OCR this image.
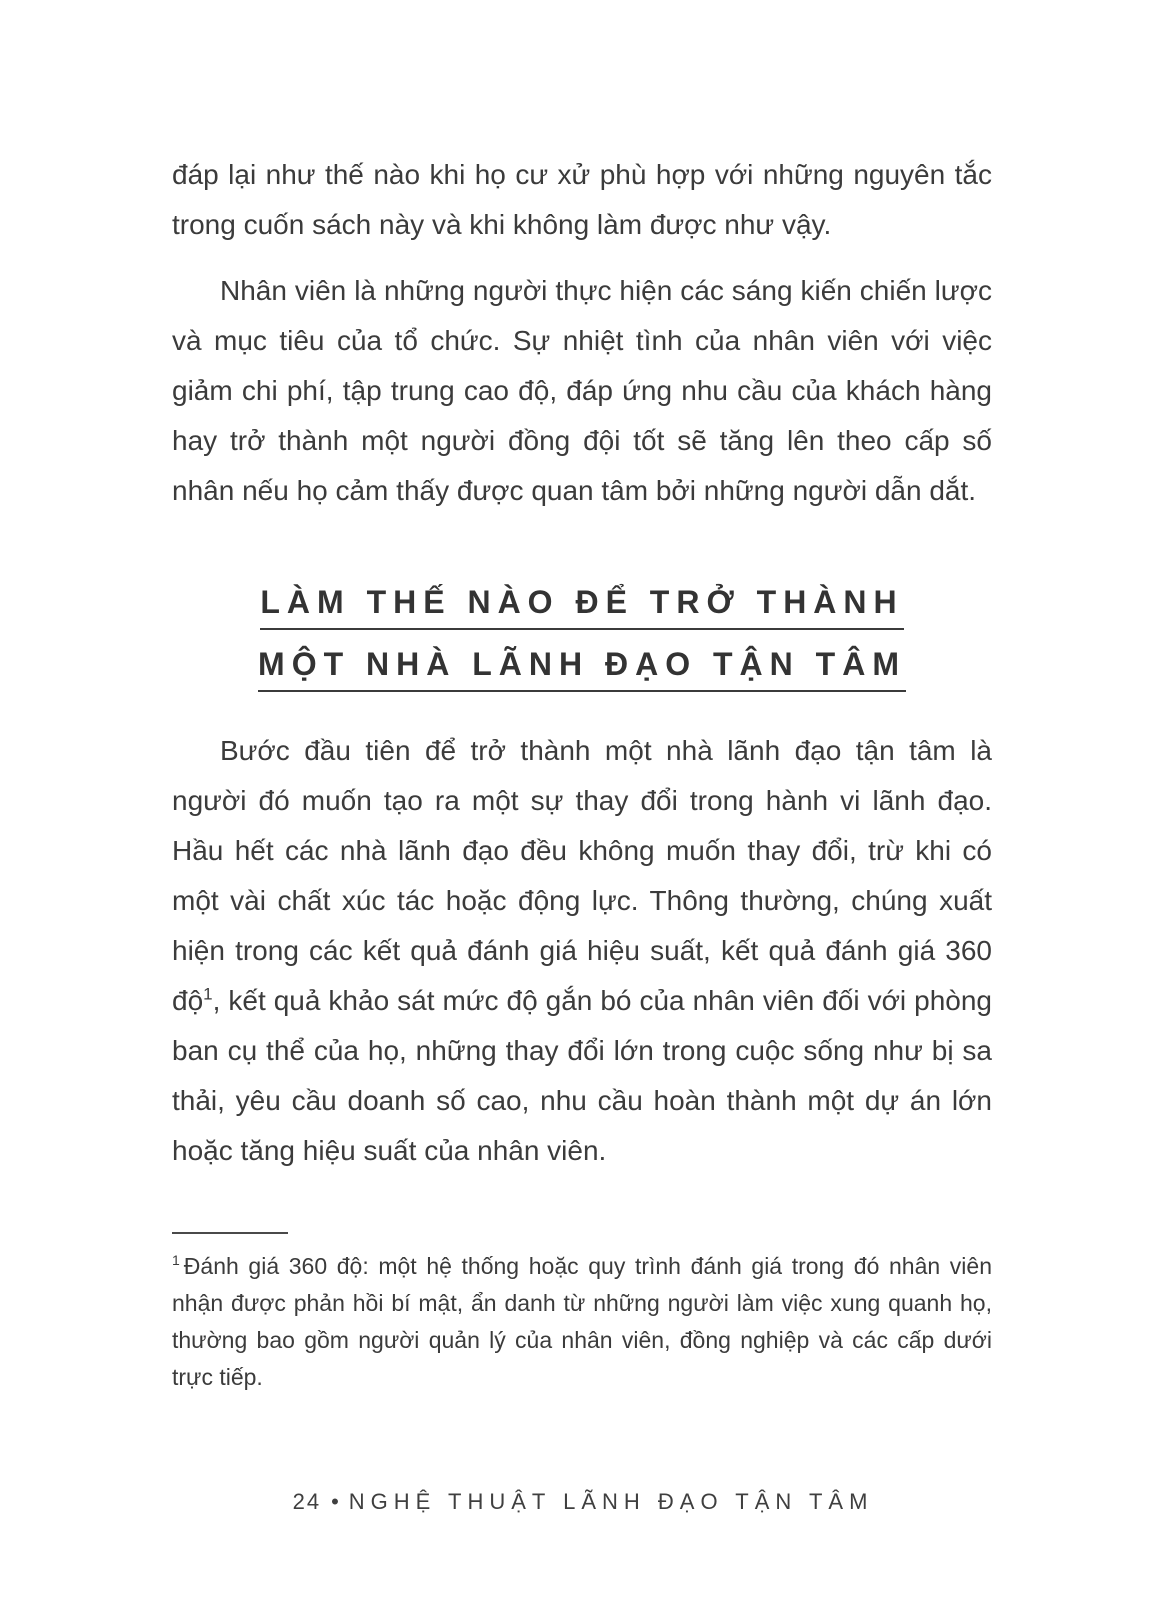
đáp lại như thế nào khi họ cư xử phù hợp với những nguyên tắc trong cuốn sách này và khi không làm được như vậy.

Nhân viên là những người thực hiện các sáng kiến chiến lược và mục tiêu của tổ chức. Sự nhiệt tình của nhân viên với việc giảm chi phí, tập trung cao độ, đáp ứng nhu cầu của khách hàng hay trở thành một người đồng đội tốt sẽ tăng lên theo cấp số nhân nếu họ cảm thấy được quan tâm bởi những người dẫn dắt.

LÀM THẾ NÀO ĐỂ TRỞ THÀNH
MỘT NHÀ LÃNH ĐẠO TẬN TÂM

Bước đầu tiên để trở thành một nhà lãnh đạo tận tâm là người đó muốn tạo ra một sự thay đổi trong hành vi lãnh đạo. Hầu hết các nhà lãnh đạo đều không muốn thay đổi, trừ khi có một vài chất xúc tác hoặc động lực. Thông thường, chúng xuất hiện trong các kết quả đánh giá hiệu suất, kết quả đánh giá 360 độ$^1$, kết quả khảo sát mức độ gắn bó của nhân viên đối với phòng ban cụ thể của họ, những thay đổi lớn trong cuộc sống như bị sa thải, yêu cầu doanh số cao, nhu cầu hoàn thành một dự án lớn hoặc tăng hiệu suất của nhân viên.

$^1$ Đánh giá 360 độ: một hệ thống hoặc quy trình đánh giá trong đó nhân viên nhận được phản hồi bí mật, ẩn danh từ những người làm việc xung quanh họ, thường bao gồm người quản lý của nhân viên, đồng nghiệp và các cấp dưới trực tiếp.

24 • NGHỆ THUẬT LÃNH ĐẠO TẬN TÂM
